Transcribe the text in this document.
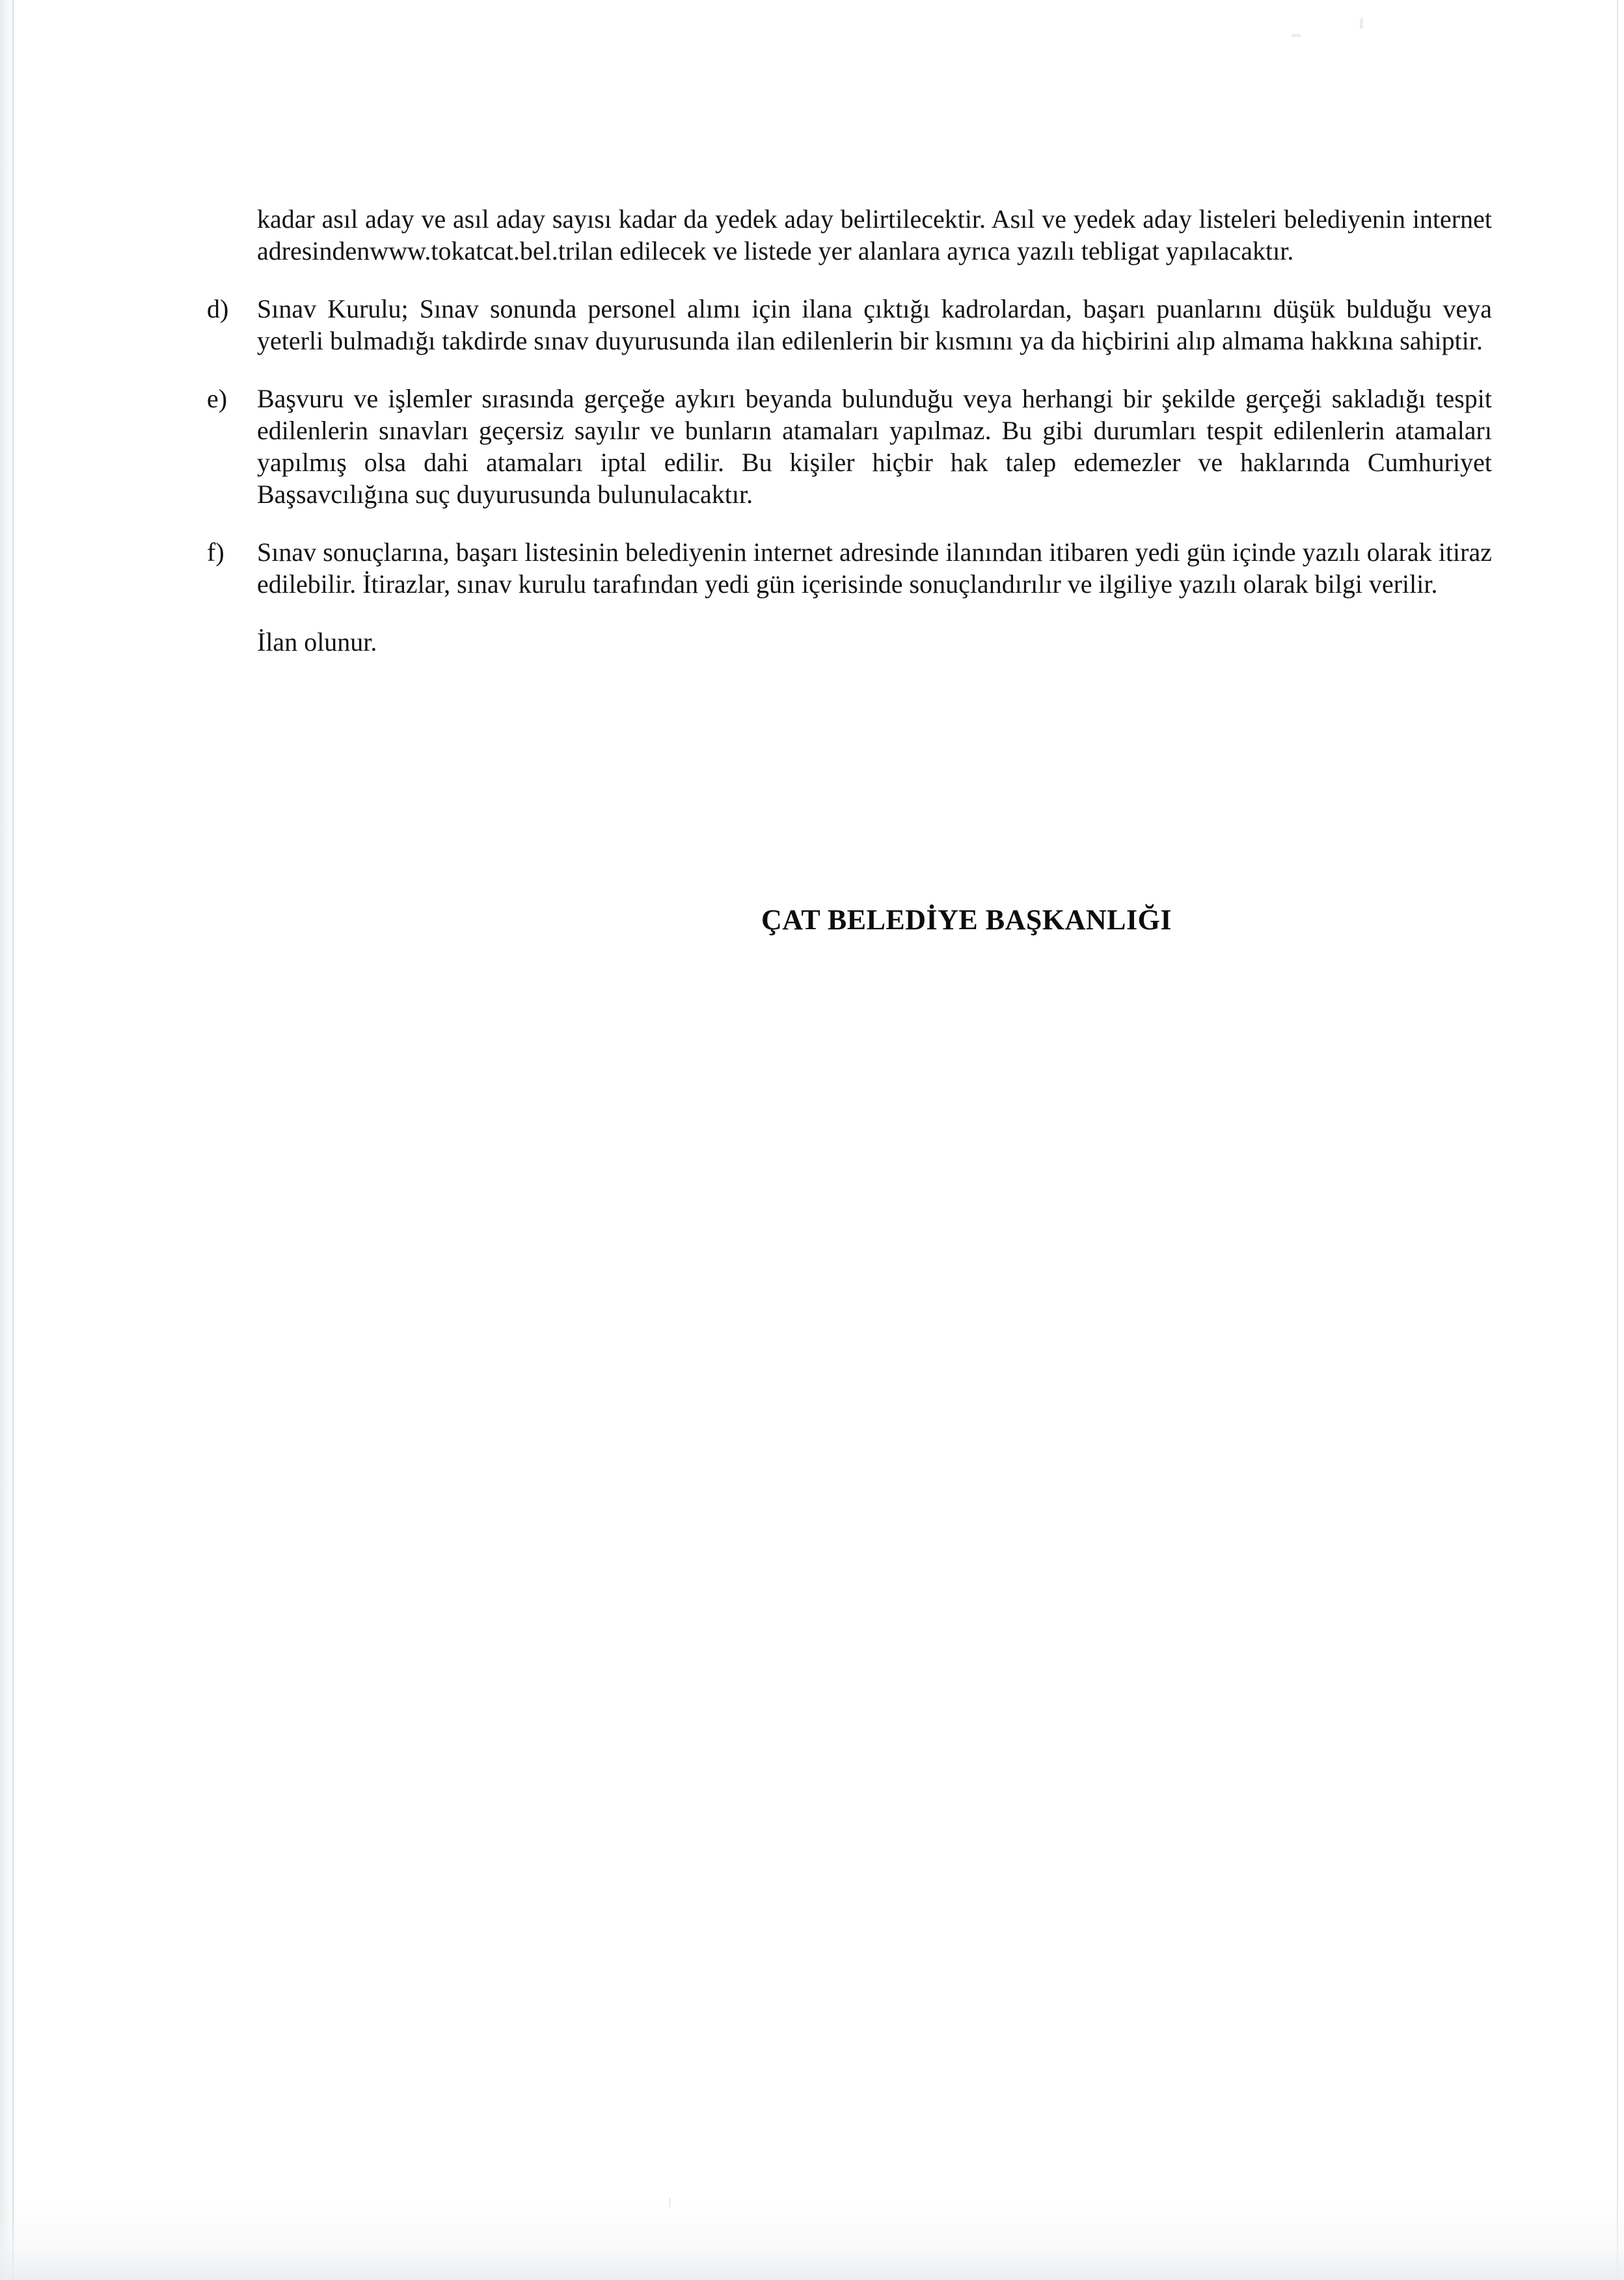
kadar asıl aday ve asıl aday sayısı kadar da yedek aday belirtilecektir. Asıl ve yedek aday listeleri belediyenin internet adresindenwww.tokatcat.bel.trilan edilecek ve listede yer alanlara ayrıca yazılı tebligat yapılacaktır.

d)	Sınav Kurulu; Sınav sonunda personel alımı için ilana çıktığı kadrolardan, başarı puanlarını düşük bulduğu veya yeterli bulmadığı takdirde sınav duyurusunda ilan edilenlerin bir kısmını ya da hiçbirini alıp almama hakkına sahiptir.

e)	Başvuru ve işlemler sırasında gerçeğe aykırı beyanda bulunduğu veya herhangi bir şekilde gerçeği sakladığı tespit edilenlerin sınavları geçersiz sayılır ve bunların atamaları yapılmaz. Bu gibi durumları tespit edilenlerin atamaları yapılmış olsa dahi atamaları iptal edilir. Bu kişiler hiçbir hak talep edemezler ve haklarında Cumhuriyet Başsavcılığına suç duyurusunda bulunulacaktır.

f)	Sınav sonuçlarına, başarı listesinin belediyenin internet adresinde ilanından itibaren yedi gün içinde yazılı olarak itiraz edilebilir. İtirazlar, sınav kurulu tarafından yedi gün içerisinde sonuçlandırılır ve ilgiliye yazılı olarak bilgi verilir.

İlan olunur.
ÇAT BELEDİYE BAŞKANLIĞI
